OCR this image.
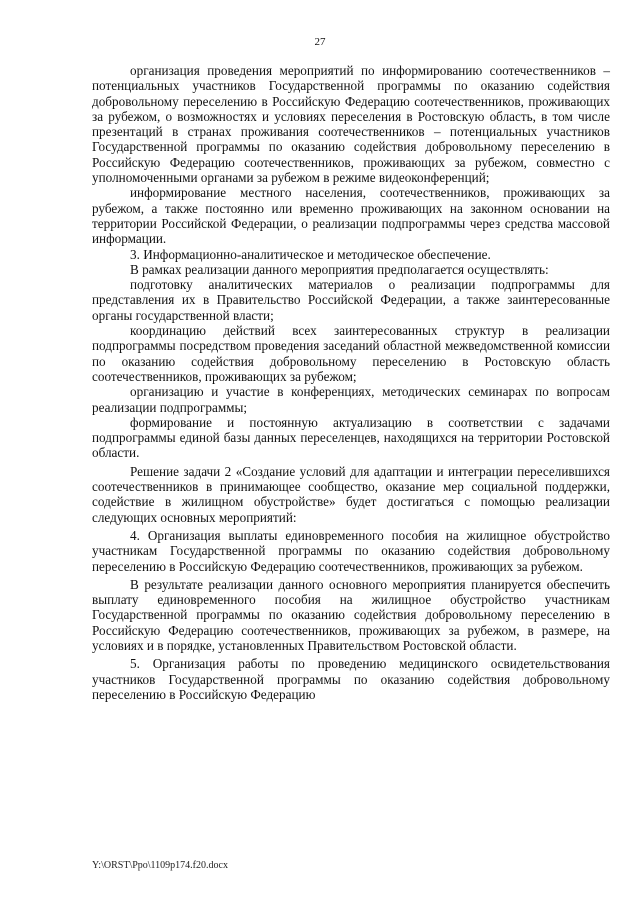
27

организация проведения мероприятий по информированию соотечественников – потенциальных участников Государственной программы по оказанию содействия добровольному переселению в Российскую Федерацию соотечественников, проживающих за рубежом, о возможностях и условиях переселения в Ростовскую область, в том числе презентаций в странах проживания соотечественников – потенциальных участников Государственной программы по оказанию содействия добровольному переселению в Российскую Федерацию соотечественников, проживающих за рубежом, совместно с уполномоченными органами за рубежом в режиме видеоконференций;

информирование местного населения, соотечественников, проживающих за рубежом, а также постоянно или временно проживающих на законном основании на территории Российской Федерации, о реализации подпрограммы через средства массовой информации.

3. Информационно-аналитическое и методическое обеспечение.

В рамках реализации данного мероприятия предполагается осуществлять:

подготовку аналитических материалов о реализации подпрограммы для представления их в Правительство Российской Федерации, а также заинтересованные органы государственной власти;

координацию действий всех заинтересованных структур в реализации подпрограммы посредством проведения заседаний областной межведомственной комиссии по оказанию содействия добровольному переселению в Ростовскую область соотечественников, проживающих за рубежом;

организацию и участие в конференциях, методических семинарах по вопросам реализации подпрограммы;

формирование и постоянную актуализацию в соответствии с задачами подпрограммы единой базы данных переселенцев, находящихся на территории Ростовской области.

Решение задачи 2 «Создание условий для адаптации и интеграции переселившихся соотечественников в принимающее сообщество, оказание мер социальной поддержки, содействие в жилищном обустройстве» будет достигаться с помощью реализации следующих основных мероприятий:

4. Организация выплаты единовременного пособия на жилищное обустройство участникам Государственной программы по оказанию содействия добровольному переселению в Российскую Федерацию соотечественников, проживающих за рубежом.

В результате реализации данного основного мероприятия планируется обеспечить выплату единовременного пособия на жилищное обустройство участникам Государственной программы по оказанию содействия добровольному переселению в Российскую Федерацию соотечественников, проживающих за рубежом, в размере, на условиях и в порядке, установленных Правительством Ростовской области.

5. Организация работы по проведению медицинского освидетельствования участников Государственной программы по оказанию содействия добровольному переселению в Российскую Федерацию

Y:\ORST\Ppo\1109p174.f20.docx
